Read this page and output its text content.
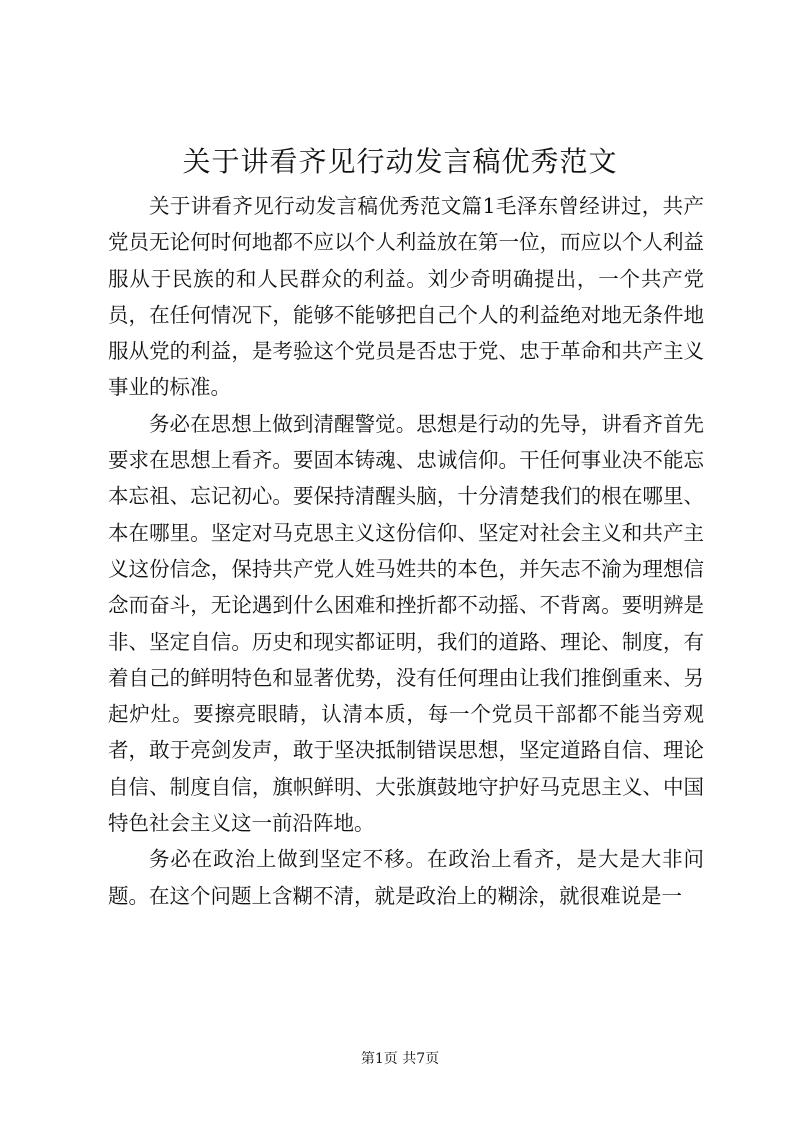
关于讲看齐见行动发言稿优秀范文

关于讲看齐见行动发言稿优秀范文篇1毛泽东曾经讲过，共产党员无论何时何地都不应以个人利益放在第一位，而应以个人利益服从于民族的和人民群众的利益。刘少奇明确提出，一个共产党员，在任何情况下，能够不能够把自己个人的利益绝对地无条件地服从党的利益，是考验这个党员是否忠于党、忠于革命和共产主义事业的标准。

务必在思想上做到清醒警觉。思想是行动的先导，讲看齐首先要求在思想上看齐。要固本铸魂、忠诚信仰。干任何事业决不能忘本忘祖、忘记初心。要保持清醒头脑，十分清楚我们的根在哪里、本在哪里。坚定对马克思主义这份信仰、坚定对社会主义和共产主义这份信念，保持共产党人姓马姓共的本色，并矢志不渝为理想信念而奋斗，无论遇到什么困难和挫折都不动摇、不背离。要明辨是非、坚定自信。历史和现实都证明，我们的道路、理论、制度，有着自己的鲜明特色和显著优势，没有任何理由让我们推倒重来、另起炉灶。要擦亮眼睛，认清本质，每一个党员干部都不能当旁观者，敢于亮剑发声，敢于坚决抵制错误思想，坚定道路自信、理论自信、制度自信，旗帜鲜明、大张旗鼓地守护好马克思主义、中国特色社会主义这一前沿阵地。

务必在政治上做到坚定不移。在政治上看齐，是大是大非问题。在这个问题上含糊不清，就是政治上的糊涂，就很难说是一

第1页 共7页
